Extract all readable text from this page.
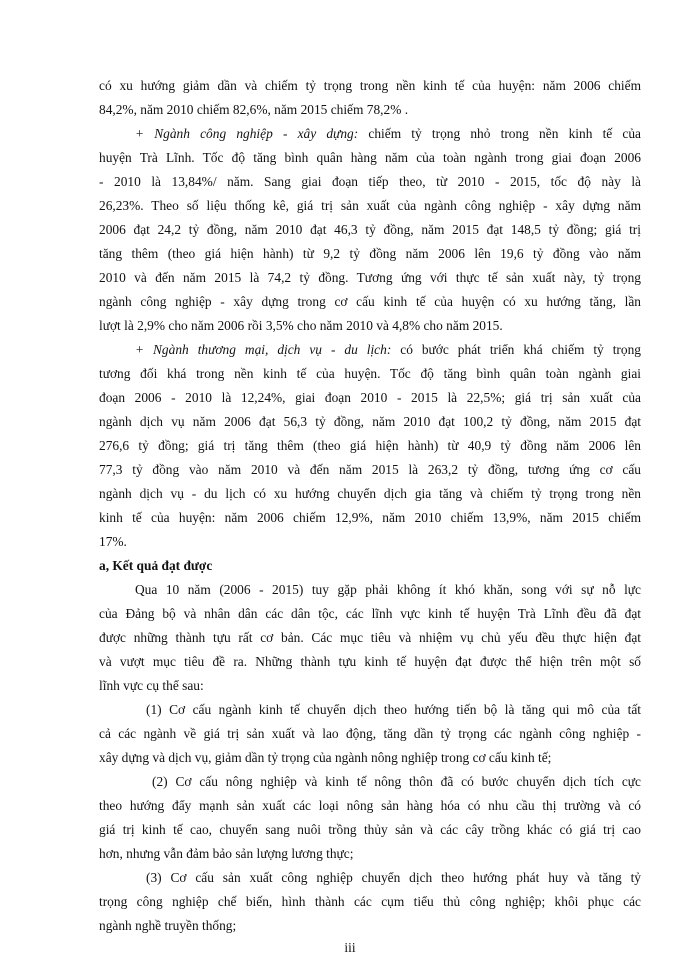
có xu hướng giảm dần và chiếm tỷ trọng trong nền kinh tế của huyện: năm 2006 chiếm
84,2%, năm 2010 chiếm 82,6%, năm 2015 chiếm 78,2% .
+ Ngành công nghiệp - xây dựng: chiếm tỷ trọng nhỏ trong nền kinh tế của
huyện Trà Lĩnh. Tốc độ tăng bình quân hàng năm của toàn ngành trong giai đoạn 2006
- 2010 là 13,84%/ năm. Sang giai đoạn tiếp theo, từ 2010 - 2015, tốc độ này là
26,23%. Theo số liệu thống kê, giá trị sản xuất của ngành công nghiệp - xây dựng năm
2006 đạt 24,2 tỷ đồng, năm 2010 đạt 46,3 tỷ đồng, năm 2015 đạt 148,5 tỷ đồng; giá trị
tăng thêm (theo giá hiện hành) từ 9,2 tỷ đồng năm 2006 lên 19,6 tỷ đồng vào năm
2010 và đến năm 2015 là 74,2 tỷ đồng. Tương ứng với thực tế sản xuất này, tỷ trọng
ngành công nghiệp - xây dựng trong cơ cấu kinh tế của huyện có xu hướng tăng, lần
lượt là 2,9% cho năm 2006 rồi 3,5% cho năm 2010 và 4,8% cho năm 2015.
+ Ngành thương mại, dịch vụ - du lịch: có bước phát triển khá chiếm tỷ trọng
tương đối khá trong nền kinh tế của huyện. Tốc độ tăng bình quân toàn ngành giai
đoạn 2006 - 2010 là 12,24%, giai đoạn 2010 - 2015 là 22,5%; giá trị sản xuất của
ngành dịch vụ năm 2006 đạt 56,3 tỷ đồng, năm 2010 đạt 100,2 tỷ đồng, năm 2015 đạt
276,6 tỷ đồng; giá trị tăng thêm (theo giá hiện hành) từ 40,9 tỷ đồng năm 2006 lên
77,3 tỷ đồng vào năm 2010 và đến năm 2015 là 263,2 tỷ đồng, tương ứng cơ cấu
ngành dịch vụ - du lịch có xu hướng chuyển dịch gia tăng và chiếm tỷ trọng trong nền
kinh tế của huyện: năm 2006 chiếm 12,9%, năm 2010 chiếm 13,9%, năm 2015 chiếm
17%.
a, Kết quả đạt được
Qua 10 năm (2006 - 2015) tuy gặp phải không ít khó khăn, song với sự nỗ lực
của Đảng bộ và nhân dân các dân tộc, các lĩnh vực kinh tế huyện Trà Lĩnh đều đã đạt
được những thành tựu rất cơ bản. Các mục tiêu và nhiệm vụ chủ yếu đều thực hiện đạt
và vượt mục tiêu đề ra. Những thành tựu kinh tế huyện đạt được thể hiện trên một số
lĩnh vực cụ thể sau:
(1) Cơ cấu ngành kinh tế chuyển dịch theo hướng tiến bộ là tăng qui mô của tất
cả các ngành về giá trị sản xuất và lao động, tăng dần tỷ trọng các ngành công nghiệp -
xây dựng và dịch vụ, giảm dần tỷ trọng của ngành nông nghiệp trong cơ cấu kinh tế;
(2) Cơ cấu nông nghiệp và kinh tế nông thôn đã có bước chuyển dịch tích cực
theo hướng đẩy mạnh sản xuất các loại nông sản hàng hóa có nhu cầu thị trường và có
giá trị kinh tế cao, chuyển sang nuôi trồng thủy sản và các cây trồng khác có giá trị cao
hơn, nhưng vẫn đảm bảo sản lượng lương thực;
(3) Cơ cấu sản xuất công nghiệp chuyển dịch theo hướng phát huy và tăng tỷ
trọng công nghiệp chế biến, hình thành các cụm tiểu thủ công nghiệp; khôi phục các
ngành nghề truyền thống;
iii
